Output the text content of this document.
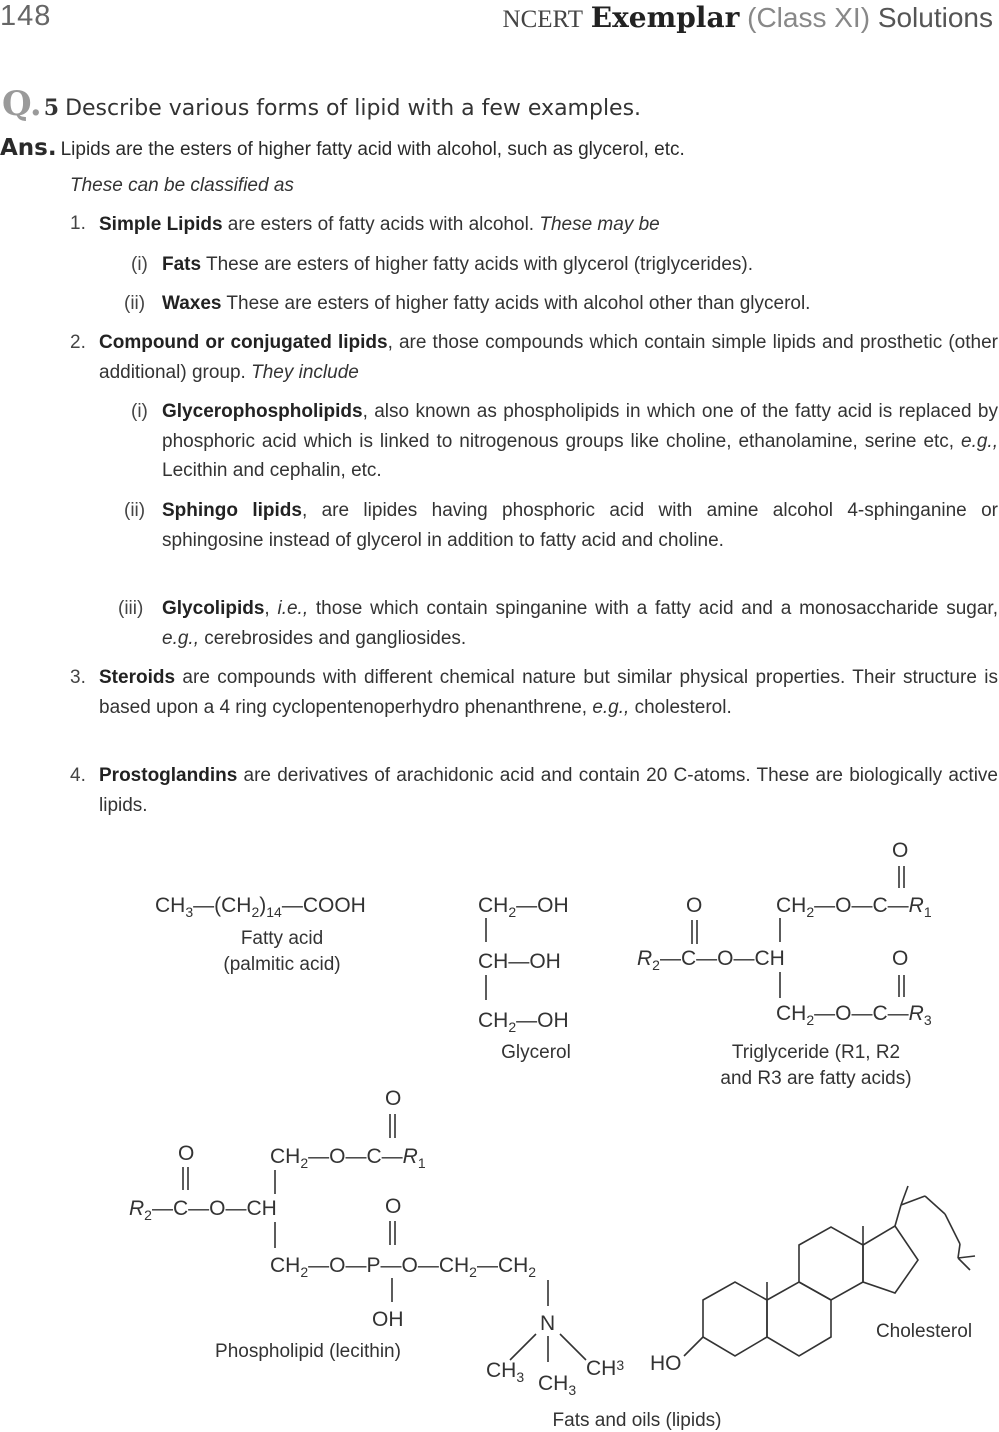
148	NCERT Exemplar (Class XI) Solutions
Q.5 Describe various forms of lipid with a few examples.
Ans. Lipids are the esters of higher fatty acid with alcohol, such as glycerol, etc.
These can be classified as
1. Simple Lipids are esters of fatty acids with alcohol. These may be
(i) Fats These are esters of higher fatty acids with glycerol (triglycerides).
(ii) Waxes These are esters of higher fatty acids with alcohol other than glycerol.
2. Compound or conjugated lipids, are those compounds which contain simple lipids and prosthetic (other additional) group. They include
(i) Glycerophospholipids, also known as phospholipids in which one of the fatty acid is replaced by phosphoric acid which is linked to nitrogenous groups like choline, ethanolamine, serine etc, e.g., Lecithin and cephalin, etc.
(ii) Sphingo lipids, are lipides having phosphoric acid with amine alcohol 4-sphinganine or sphingosine instead of glycerol in addition to fatty acid and choline.
(iii) Glycolipids, i.e., those which contain spinganine with a fatty acid and a monosaccharide sugar, e.g., cerebrosides and gangliosides.
3. Steroids are compounds with different chemical nature but similar physical properties. Their structure is based upon a 4 ring cyclopentenoperhydro phenanthrene, e.g., cholesterol.
4. Prostoglandins are derivatives of arachidonic acid and contain 20 C-atoms. These are biologically active lipids.
$CH_3—(CH_2)_{14}—COOH$	$CH_2—OH$
CH—OH
$CH_2—OH$
O
O	$CH_2—O—C—R_1$
$R_2—C—O—CH$	O
$CH_2—O—C—R_3$
O
O	$CH_2—O—C—R_1$
$R_2—C—O—CH$	O
$CH_2—O—P—O—CH_2—CH_2$
OH	N
$CH_3$ $CH_3$
$CH^3$
Fatty acid
(palmitic acid)
Glycerol	Triglyceride (R1, R2
and R3 are fatty acids)
Phospholipid (lecithin)
Cholesterol
HO
Fats and oils (lipids)
